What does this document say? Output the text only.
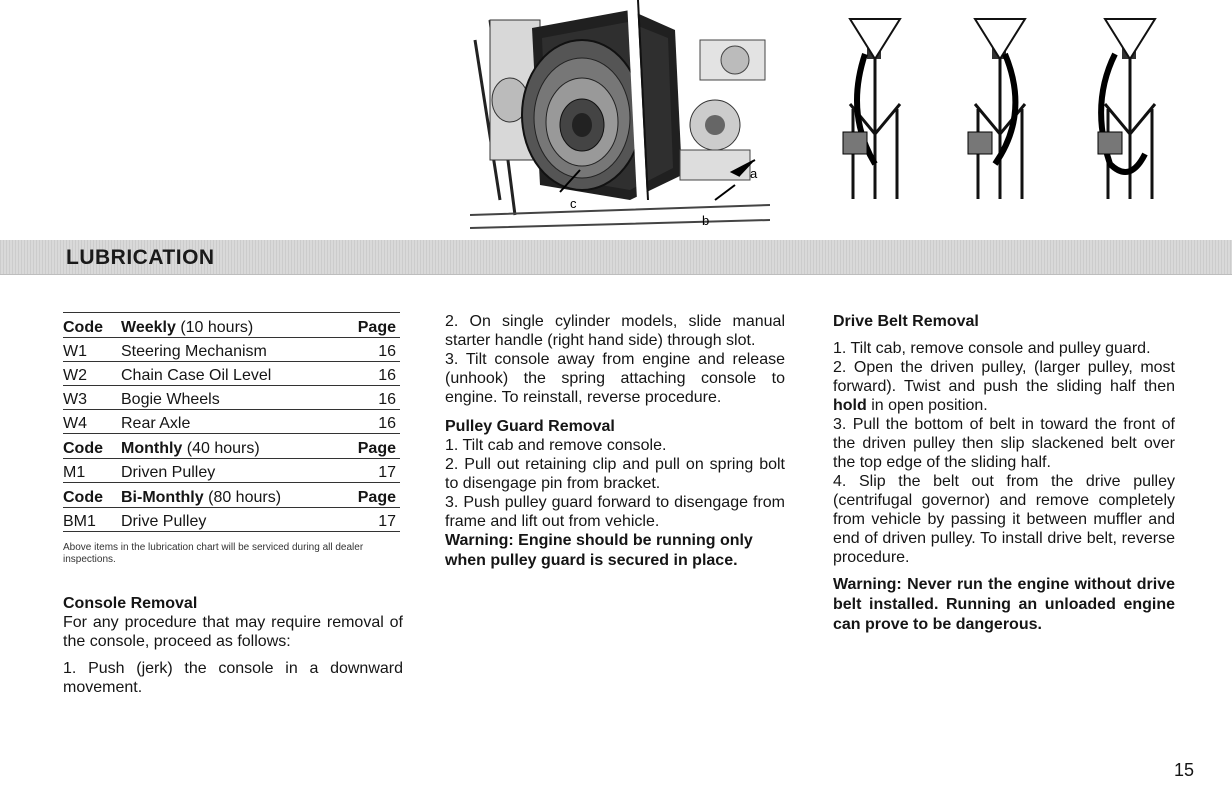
a
b
c
LUBRICATION
Code	Weekly (10 hours)	Page
W1	Steering Mechanism	16
W2	Chain Case Oil Level	16
W3	Bogie Wheels	16
W4	Rear Axle	16
Code	Monthly (40 hours)	Page
M1	Driven Pulley	17
Code	Bi-Monthly (80 hours)	Page
BM1	Drive Pulley	17

Above items in the lubrication chart will be serviced during all dealer inspections.

Console Removal

For any procedure that may require removal of the console, proceed as follows:

1. Push (jerk) the console in a downward movement.

2. On single cylinder models, slide manual starter handle (right hand side) through slot.

3. Tilt console away from engine and release (unhook) the spring attaching console to engine. To reinstall, reverse procedure.

Pulley Guard Removal

1. Tilt cab and remove console.

2. Pull out retaining clip and pull on spring bolt to disengage pin from bracket.

3. Push pulley guard forward to disengage from frame and lift out from vehicle.

Warning: Engine should be running only when pulley guard is secured in place.

Drive Belt Removal

1. Tilt cab, remove console and pulley guard.

2. Open the driven pulley, (larger pulley, most forward). Twist and push the sliding half then hold in open position.

3. Pull the bottom of belt in toward the front of the driven pulley then slip slackened belt over the top edge of the sliding half.

4. Slip the belt out from the drive pulley (centrifugal governor) and remove completely from vehicle by passing it between muffler and end of driven pulley. To install drive belt, reverse procedure.

Warning: Never run the engine without drive belt installed. Running an unloaded engine can prove to be dangerous.

15
